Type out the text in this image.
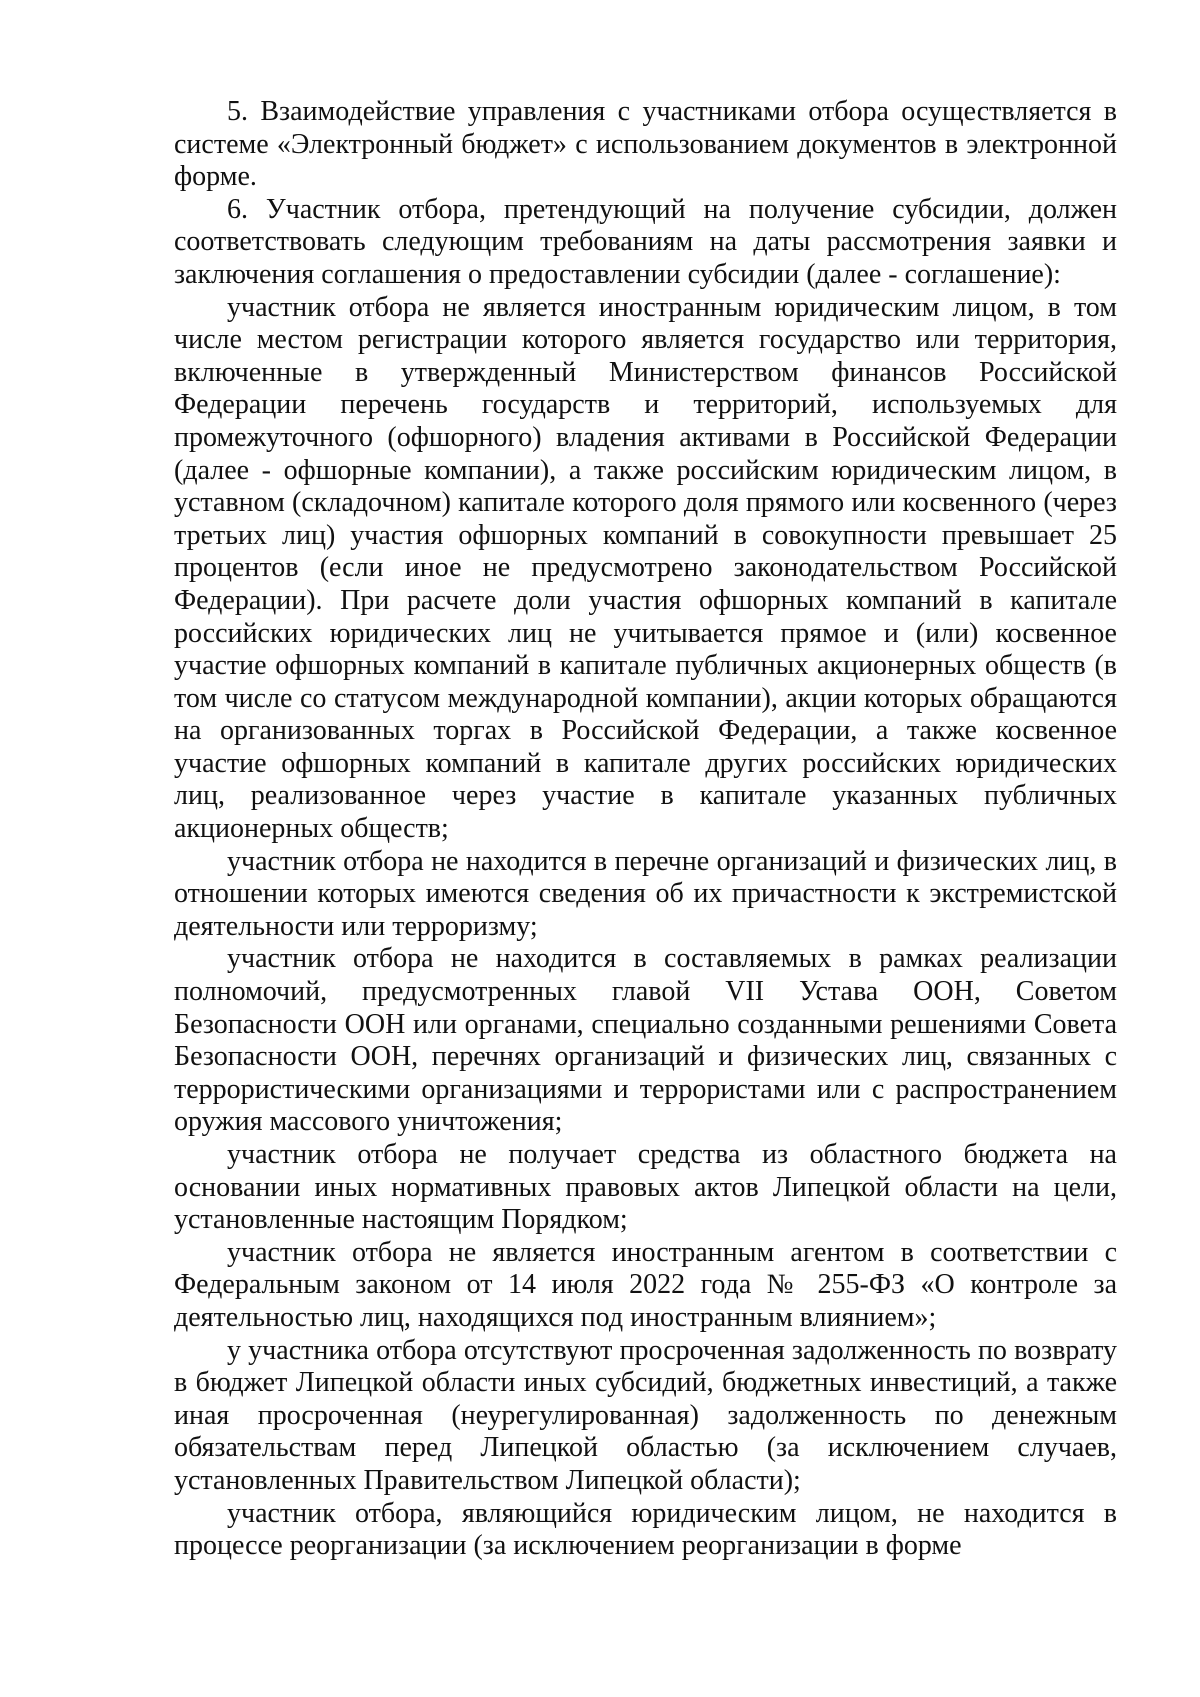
5. Взаимодействие управления с участниками отбора осуществляется в системе «Электронный бюджет» с использованием документов в электронной форме.

6. Участник отбора, претендующий на получение субсидии, должен соответствовать следующим требованиям на даты рассмотрения заявки и заключения соглашения о предоставлении субсидии (далее - соглашение):

участник отбора не является иностранным юридическим лицом, в том числе местом регистрации которого является государство или территория, включенные в утвержденный Министерством финансов Российской Федерации перечень государств и территорий, используемых для промежуточного (офшорного) владения активами в Российской Федерации (далее - офшорные компании), а также российским юридическим лицом, в уставном (складочном) капитале которого доля прямого или косвенного (через третьих лиц) участия офшорных компаний в совокупности превышает 25 процентов (если иное не предусмотрено законодательством Российской Федерации). При расчете доли участия офшорных компаний в капитале российских юридических лиц не учитывается прямое и (или) косвенное участие офшорных компаний в капитале публичных акционерных обществ (в том числе со статусом международной компании), акции которых обращаются на организованных торгах в Российской Федерации, а также косвенное участие офшорных компаний в капитале других российских юридических лиц, реализованное через участие в капитале указанных публичных акционерных обществ;

участник отбора не находится в перечне организаций и физических лиц, в отношении которых имеются сведения об их причастности к экстремистской деятельности или терроризму;

участник отбора не находится в составляемых в рамках реализации полномочий, предусмотренных главой VII Устава ООН, Советом Безопасности ООН или органами, специально созданными решениями Совета Безопасности ООН, перечнях организаций и физических лиц, связанных с террористическими организациями и террористами или с распространением оружия массового уничтожения;

участник отбора не получает средства из областного бюджета на основании иных нормативных правовых актов Липецкой области на цели, установленные настоящим Порядком;

участник отбора не является иностранным агентом в соответствии с Федеральным законом от 14 июля 2022 года № 255-ФЗ «О контроле за деятельностью лиц, находящихся под иностранным влиянием»;

у участника отбора отсутствуют просроченная задолженность по возврату в бюджет Липецкой области иных субсидий, бюджетных инвестиций, а также иная просроченная (неурегулированная) задолженность по денежным обязательствам перед Липецкой областью (за исключением случаев, установленных Правительством Липецкой области);

участник отбора, являющийся юридическим лицом, не находится в процессе реорганизации (за исключением реорганизации в форме
